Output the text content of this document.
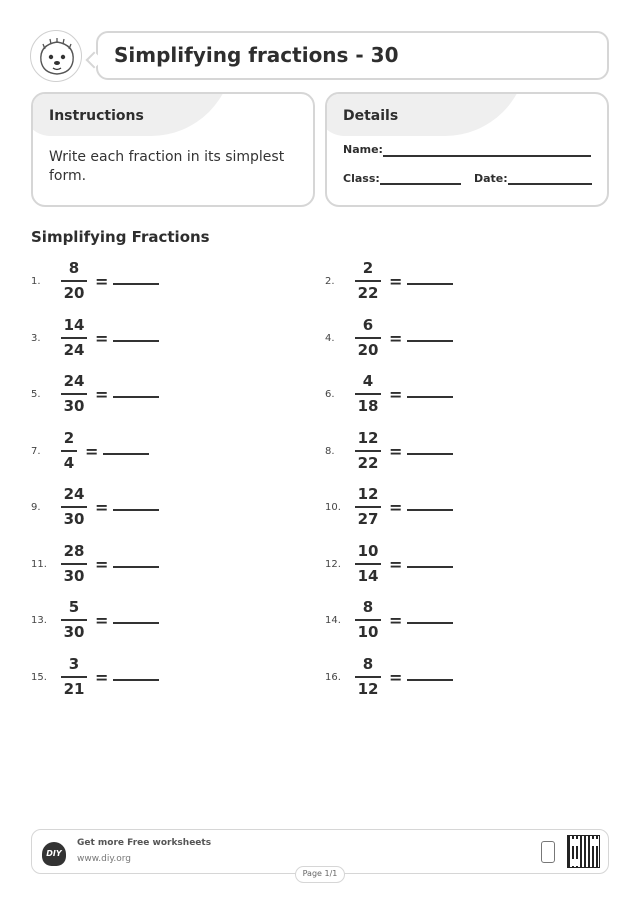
Simplifying fractions - 30
Instructions
Write each fraction in its simplest form.
Details
Name:
Class:	Date:
Simplifying Fractions
1.
8
20
=	2.
2
22
=
3.
14
24
=	4.
6
20
=
5.
24
30
=	6.
4
18
=
7.
2
4
=	8.
12
22
=
9.
24
30
=	10.
12
27
=
11.
28
30
=	12.
10
14
=
13.
5
30
=	14.
8
10
=
15.
3
21
=	16.
8
12
=
DIY
Get more Free worksheets
www.diy.org
Page 1/1
